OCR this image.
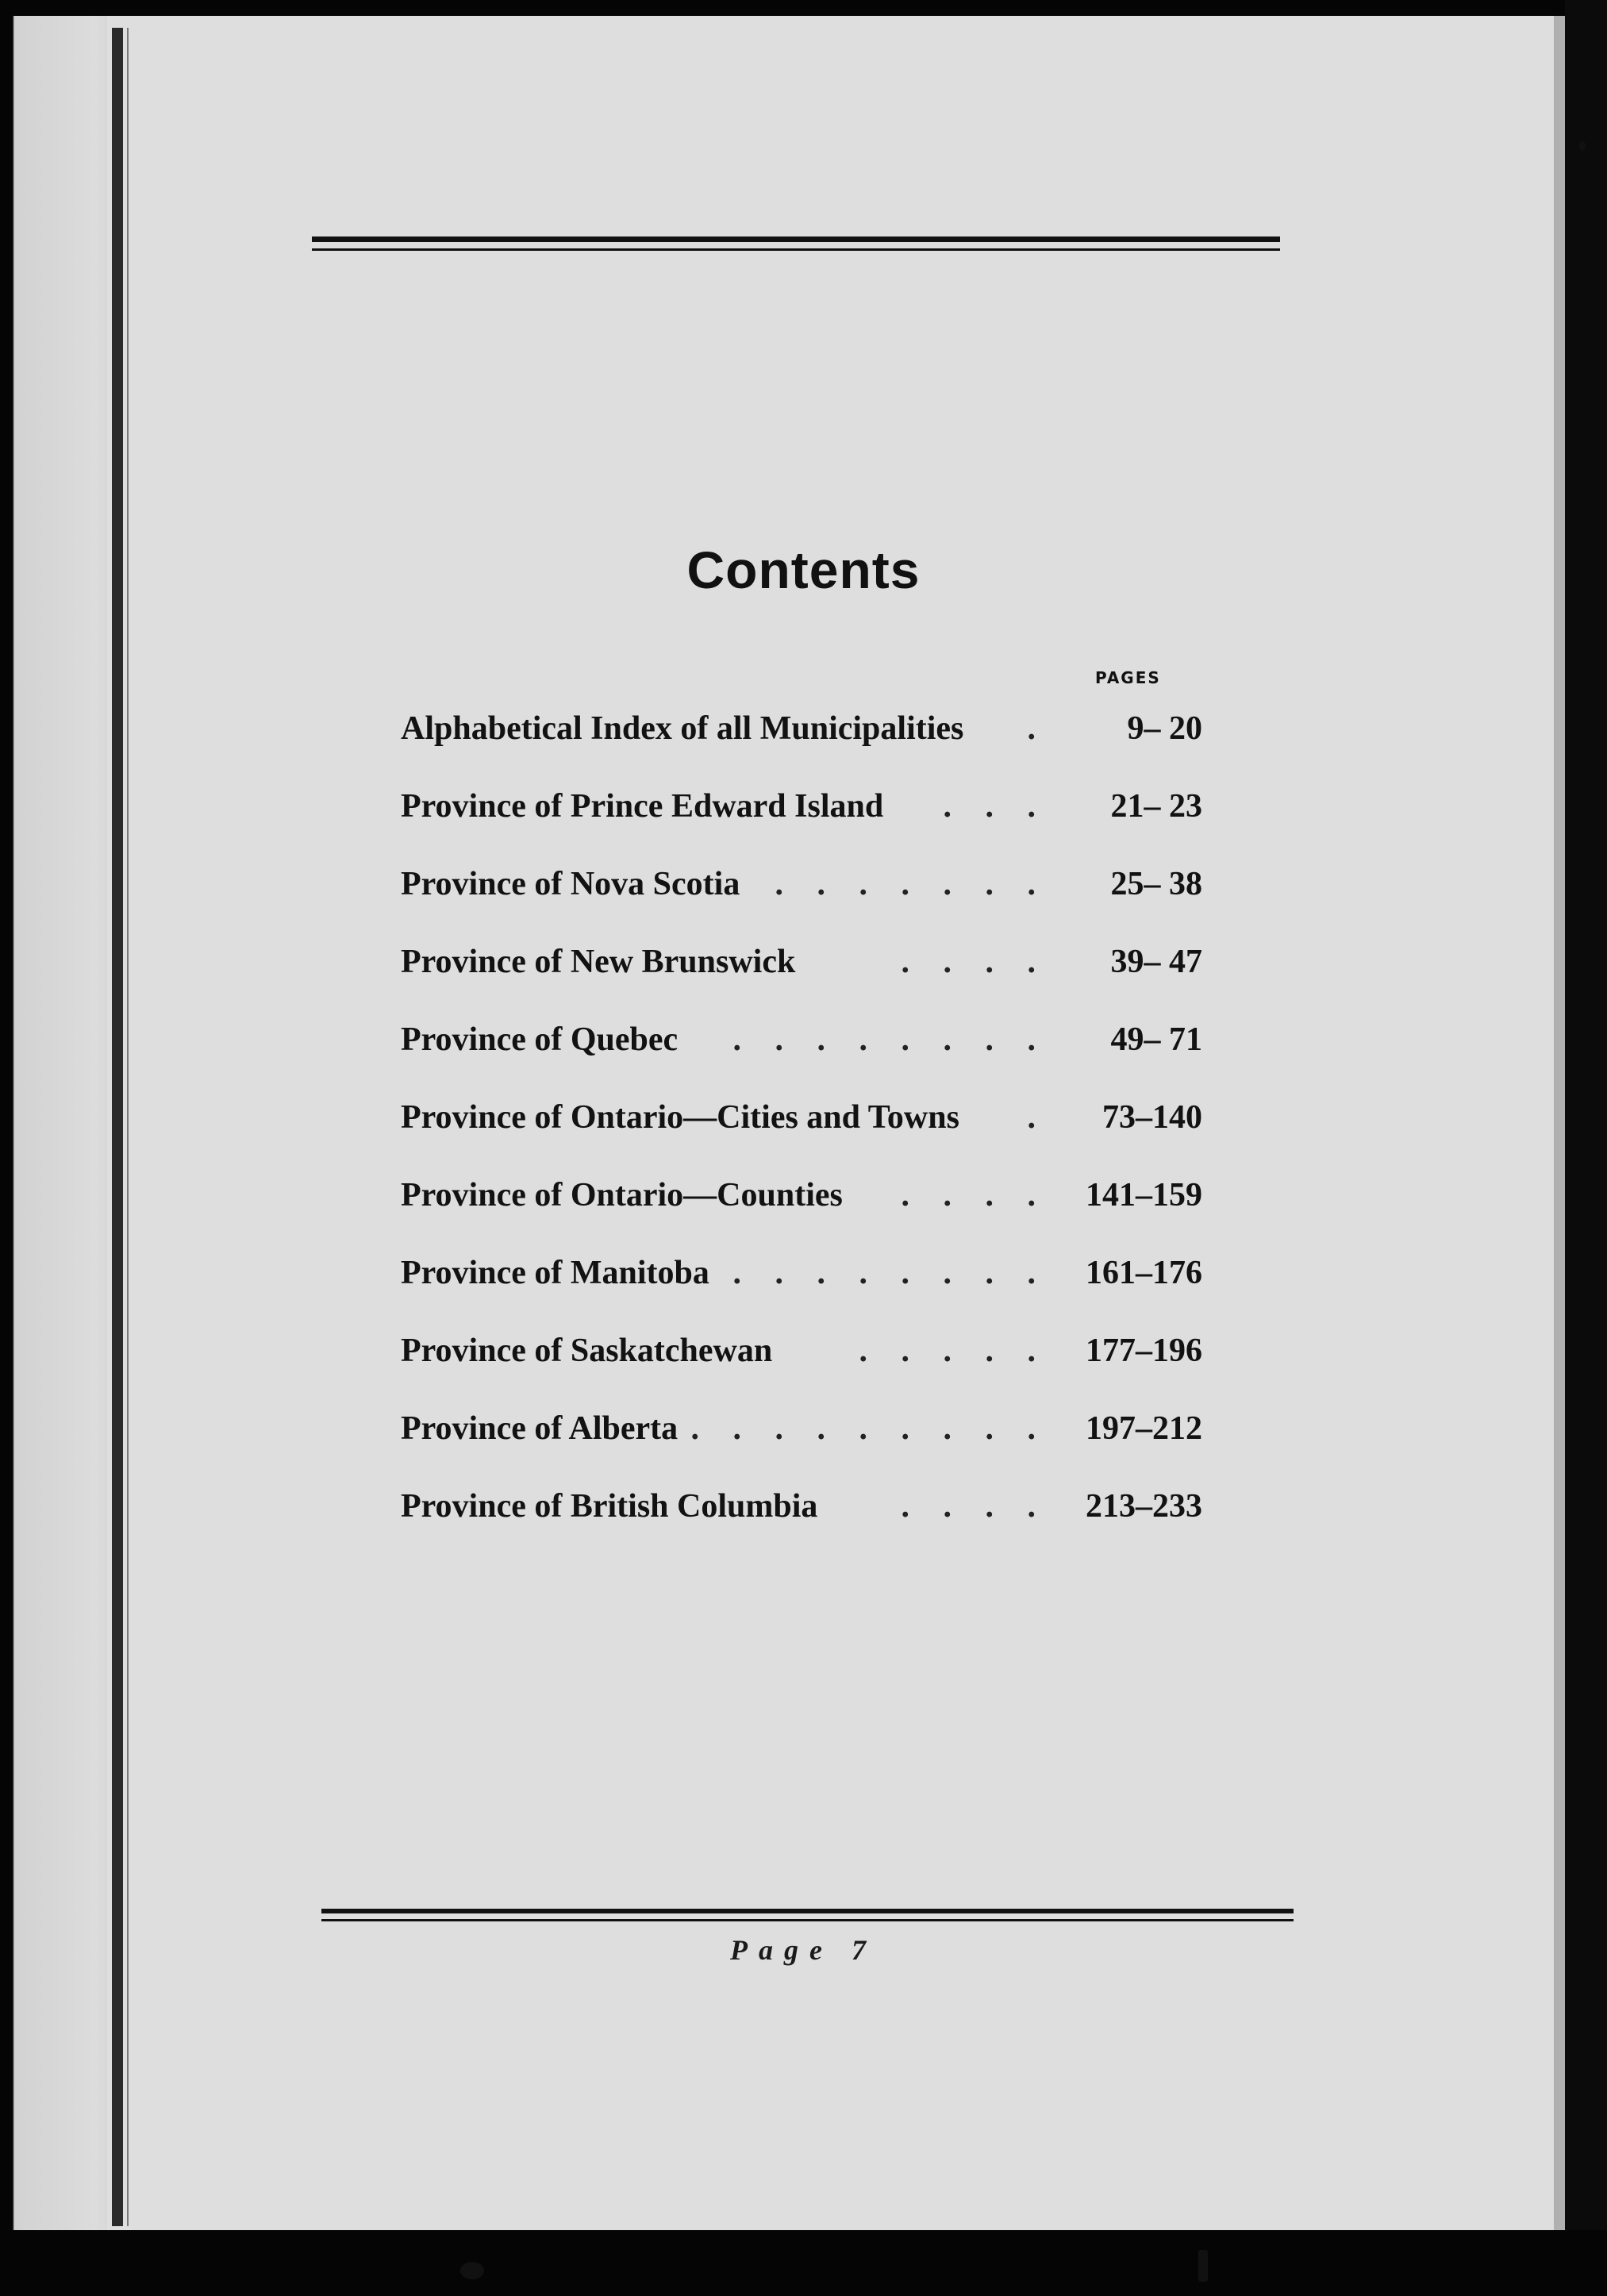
Contents
PAGES
Alphabetical Index of all Municipalities	.	9– 20
Province of Prince Edward Island	. . .	21– 23
Province of Nova Scotia	. . . . . . .	25– 38
Province of New Brunswick	. . . .	39– 47
Province of Quebec	. . . . . . . .	49– 71
Province of Ontario—Cities and Towns	.	73–140
Province of Ontario—Counties	. . . .	141–159
Province of Manitoba . . . . . . . .	161–176
Province of Saskatchewan	. . . . .	177–196
Province of Alberta . . . . . . . . .	197–212
Province of British Columbia	. . . .	213–233
Page 7
